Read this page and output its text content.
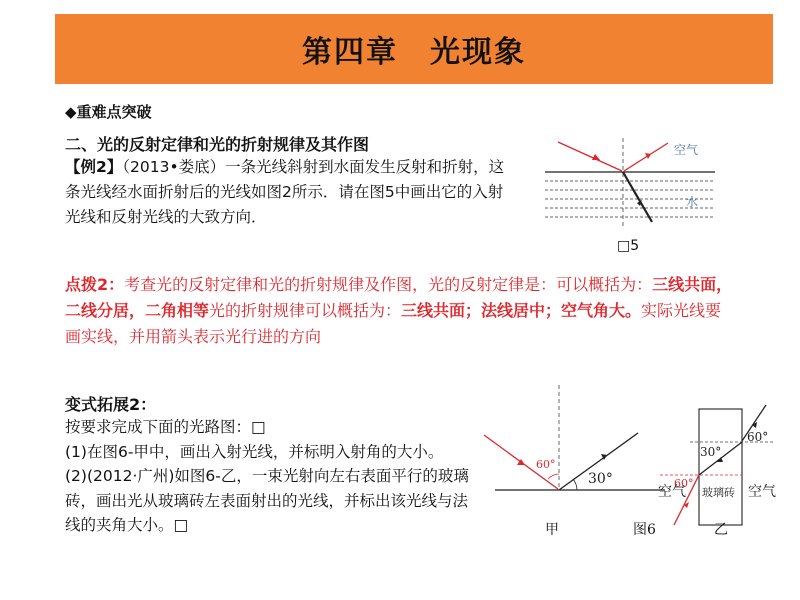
第四章　光现象
◆重难点突破
二、光的反射定律和光的折射规律及其作图
【例2】（2013•娄底）一条光线斜射到水面发生反射和折射，这条光线经水面折射后的光线如图2所示．请在图5中画出它的入射光线和反射光线的大致方向．
空气
水
□5
点拨2：考查光的反射定律和光的折射规律及作图，光的反射定律是：可以概括为：三线共面，二线分居，二角相等光的折射规律可以概括为：三线共面；法线居中；空气角大。实际光线要画实线，并用箭头表示光行进的方向
变式拓展2：
按要求完成下面的光路图：□
(1)在图6-甲中，画出入射光线，并标明入射角的大小。
(2)(2012·广州)如图6-乙，一束光射向左右表面平行的玻璃砖，画出光从玻璃砖左表面射出的光线，并标出该光线与法线的夹角大小。□
60°
30°
甲	图6
60°
30°
60°
空气 玻璃砖 空气
乙
